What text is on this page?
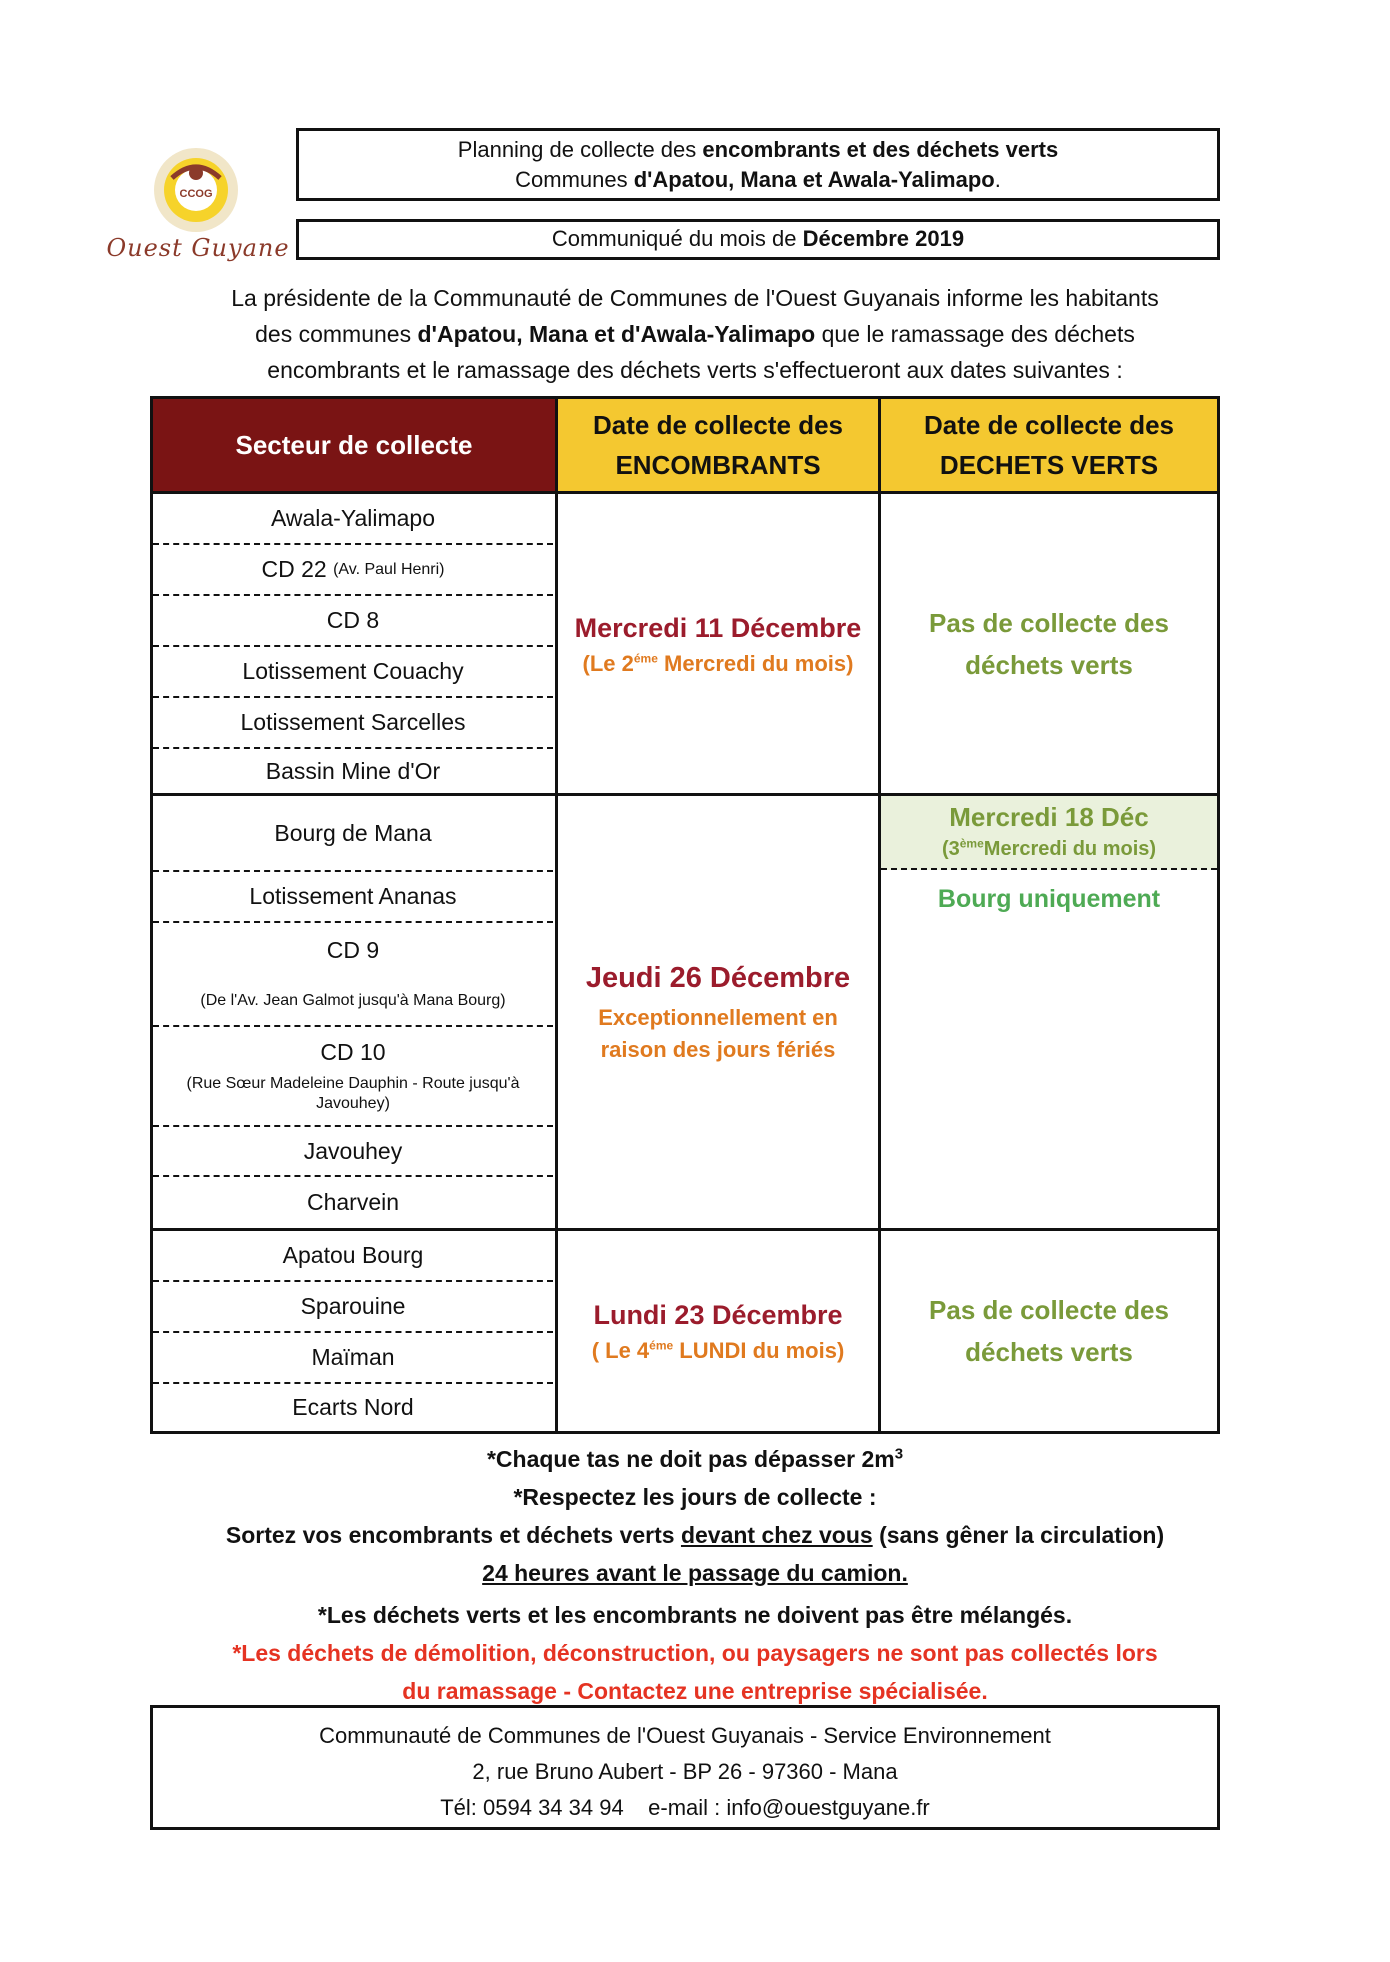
CCOG
Ouest Guyane
Planning de collecte des encombrants et des déchets verts
Communes d'Apatou, Mana et Awala-Yalimapo.
Communiqué du mois de Décembre 2019
La présidente de la Communauté de Communes de l'Ouest Guyanais informe les habitants
des communes d'Apatou, Mana et d'Awala-Yalimapo que le ramassage des déchets
encombrants et le ramassage des déchets verts s'effectueront aux dates suivantes :
Secteur de collecte
Date de collecte des
ENCOMBRANTS
Date de collecte des
DECHETS VERTS
Awala-Yalimapo
CD 22
(Av. Paul Henri)
CD 8
Lotissement Couachy
Lotissement Sarcelles
Bassin Mine d'Or
Mercredi 11 Décembre
(Le $2^{éme}$ Mercredi du mois)
Pas de collecte des
déchets verts
Bourg de Mana
Lotissement Ananas
CD 9
(De l'Av. Jean Galmot jusqu'à Mana Bourg)
CD 10
(Rue Sœur Madeleine Dauphin - Route jusqu'à Javouhey)
Javouhey
Charvein
Jeudi 26 Décembre
Exceptionnellement en
raison des jours fériés
Mercredi 18 Déc
(3èmeMercredi du mois)
Bourg uniquement
Apatou Bourg
Sparouine
Maïman
Ecarts Nord
Lundi 23 Décembre
( Le $4^{éme}$ LUNDI du mois)
Pas de collecte des
déchets verts
*Chaque tas ne doit pas dépasser $2m^3$
*Respectez les jours de collecte :
Sortez vos encombrants et déchets verts devant chez vous (sans gêner la circulation)
24 heures avant le passage du camion.
*Les déchets verts et les encombrants ne doivent pas être mélangés.
*Les déchets de démolition, déconstruction, ou paysagers ne sont pas collectés lors
du ramassage - Contactez une entreprise spécialisée.
Communauté de Communes de l'Ouest Guyanais - Service Environnement
2, rue Bruno Aubert - BP 26 - 97360 - Mana
Tél: 0594 34 34 94 e-mail : info@ouestguyane.fr
